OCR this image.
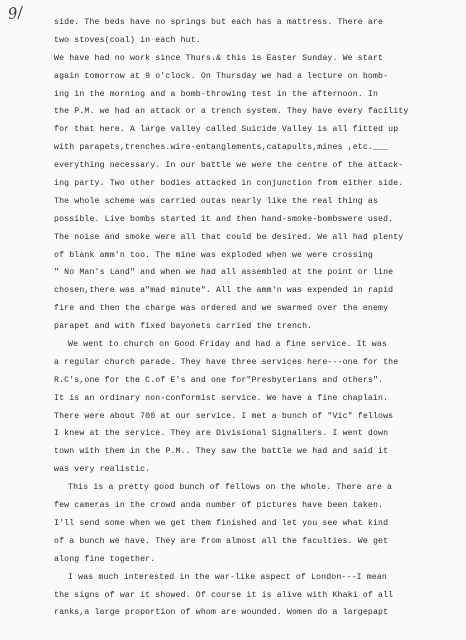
9/	side. The beds have no springs but each has a mattress. There are
two stoves(coal) in each hut.
We have had no work since Thurs.& this is Easter Sunday. We start
again tomorrow at 9 o'clock. On Thursday we had a lecture on bomb-
ing in the morning and a bomb-throwing test in the afternoon. In
the P.M. we had an attack or a trench system. They have every facility
for that here. A large valley called Suicide Valley is all fitted up
with parapets,trenches.wire-entanglements,catapults,mines ,etc.___
everything necessary. In our battle we were the centre of the attack-
ing party. Two other bodies attacked in conjunction from either side.
The whole scheme was carried outas nearly like the real thing as
possible. Live bombs started it and then hand-smoke-bombswere used.
The noise and smoke were all that could be desired. We all had plenty
of blank amm'n too. The mine was exploded when we were crossing
" No Man's Land" and when we had all assembled at the point or line
chosen,there was a"mad minute". All the amm'n was expended in rapid
fire and then the charge was ordered and we swarmed over the enemy
parapet and with fixed bayonets carried the trench.
We went to church on Good Friday and had a fine service. It was
a regular church parade. They have three services here---one for the
R.C's,one for the C.of E's and one for"Presbyterians and others".
It is an ordinary non-conformist service. We have a fine chaplain.
There were about 700 at our service. I met a bunch of "Vic" fellows
I knew at the service. They are Divisional Signallers. I went down
town with them in the P.M.. They saw the battle we had and said it
was very realistic.
This is a pretty good bunch of fellows on the whole. There are a
few cameras in the crowd anda number of pictures have been taken.
I'll send some when we get them finished and let you see what kind
of a bunch we have. They are from almost all the faculties. We get
along fine together.
I was much interested in the war-like aspect of London---I mean
the signs of war it showed. Of course it is alive with Khaki of all
ranks,a large proportion of whom are wounded. Women do a largepapt
